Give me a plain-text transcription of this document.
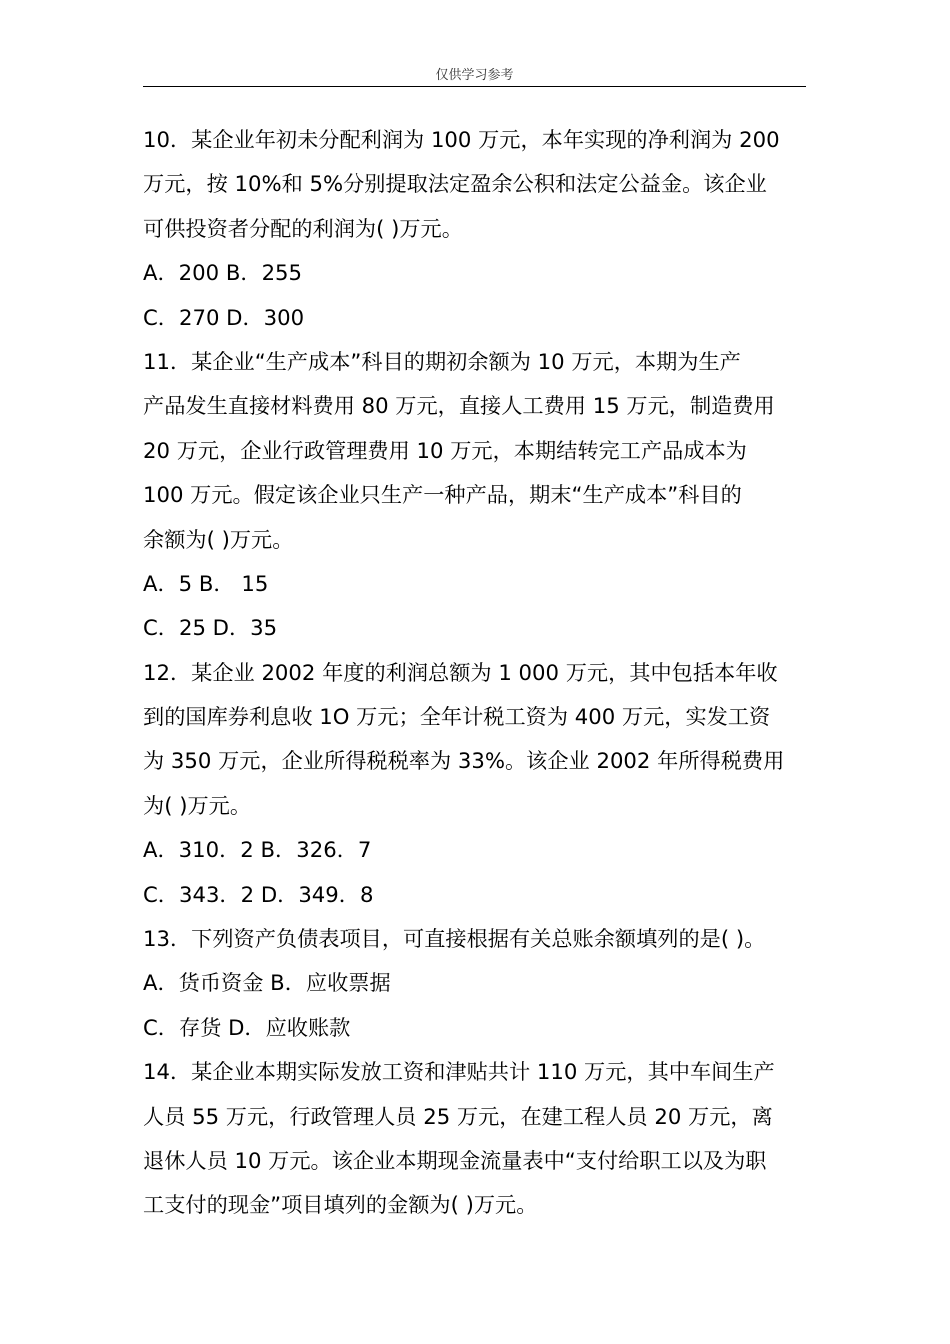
仅供学习参考
10．某企业年初未分配利润为 100 万元，本年实现的净利润为 200
万元，按 10%和 5%分别提取法定盈余公积和法定公益金。该企业
可供投资者分配的利润为( )万元。
A．200 B．255
C．270 D．300
11．某企业“生产成本”科目的期初余额为 10 万元，本期为生产
产品发生直接材料费用 80 万元，直接人工费用 15 万元，制造费用
20 万元，企业行政管理费用 10 万元，本期结转完工产品成本为
100 万元。假定该企业只生产一种产品，期末“生产成本”科目的
余额为( )万元。
A．5 B． 15
C．25 D．35
12．某企业 2002 年度的利润总额为 1 000 万元，其中包括本年收
到的国库券利息收 1O 万元；全年计税工资为 400 万元，实发工资
为 350 万元，企业所得税税率为 33%。该企业 2002 年所得税费用
为( )万元。
A．310．2 B．326．7
C．343．2 D．349．8
13．下列资产负债表项目，可直接根据有关总账余额填列的是( )。
A．货币资金 B．应收票据
C．存货 D．应收账款
14．某企业本期实际发放工资和津贴共计 110 万元，其中车间生产
人员 55 万元，行政管理人员 25 万元，在建工程人员 20 万元，离
退休人员 10 万元。该企业本期现金流量表中“支付给职工以及为职
工支付的现金”项目填列的金额为( )万元。
